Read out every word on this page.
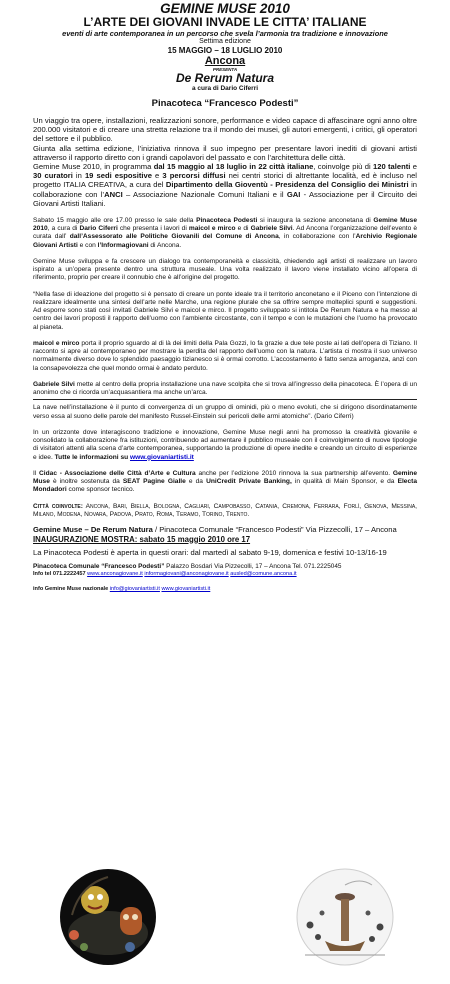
GEMINE MUSE 2010
L’ARTE DEI GIOVANI INVADE LE CITTA’ ITALIANE
eventi di arte contemporanea in un percorso che svela l’armonia tra tradizione e innovazione
Settima edizione
15 MAGGIO – 18 LUGLIO 2010
Ancona
PRESENTA
De Rerum Natura
a cura di Dario Ciferri
Pinacoteca “Francesco Podesti”

Un viaggio tra opere, installazioni, realizzazioni sonore, performance e video capace di affascinare ogni anno oltre 200.000 visitatori e di creare una stretta relazione tra il mondo dei musei, gli autori emergenti, i critici, gli operatori del settore e il pubblico.

Giunta alla settima edizione, l’iniziativa rinnova il suo impegno per presentare lavori inediti di giovani artisti attraverso il rapporto diretto con i grandi capolavori del passato e con l’architettura delle città.

Gemine Muse 2010, in programma dal 15 maggio al 18 luglio in 22 città italiane, coinvolge più di 120 talenti e 30 curatori in 19 sedi espositive e 3 percorsi diffusi nei centri storici di altrettante località, ed è incluso nel progetto ITALIA CREATIVA, a cura del Dipartimento della Gioventù - Presidenza del Consiglio dei Ministri in collaborazione con l’ANCI – Associazione Nazionale Comuni Italiani e il GAI - Associazione per il Circuito dei Giovani Artisti Italiani.

Sabato 15 maggio alle ore 17.00 presso le sale della Pinacoteca Podesti si inaugura la sezione anconetana di Gemine Muse 2010, a cura di Dario Ciferri che presenta i lavori di maicol e mirco e di Gabriele Silvi. Ad Ancona l’organizzazione dell’evento è curata dall’ dall’Assessorato alle Politiche Giovanili del Comune di Ancona, in collaborazione con l’Archivio Regionale Giovani Artisti e con l’Informagiovani di Ancona.

Gemine Muse sviluppa e fa crescere un dialogo tra contemporaneità e classicità, chiedendo agli artisti di realizzare un lavoro ispirato a un’opera presente dentro una struttura museale. Una volta realizzato il lavoro viene installato vicino all’opera di riferimento, proprio per creare il connubio che è all’origine del progetto.

“Nella fase di ideazione del progetto si è pensato di creare un ponte ideale tra il territorio anconetano e il Piceno con l’intenzione di realizzare idealmente una sintesi dell’arte nelle Marche, una regione plurale che sa offrire sempre molteplici spunti e suggestioni. Ad esporre sono stati così invitati Gabriele Silvi e maicol e mirco. Il progetto sviluppato si intitola De Rerum Natura e ha messo al centro dei lavori proposti il rapporto dell’uomo con l’ambiente circostante, con il tempo e con le mutazioni che l’uomo ha provocato al pianeta.

maicol e mirco porta il proprio sguardo al di là dei limiti della Pala Gozzi, lo fa grazie a due tele poste ai lati dell’opera di Tiziano. Il racconto si apre al contemporaneo per mostrare la perdita del rapporto dell’uomo con la natura. L’artista ci mostra il suo universo normalmente diverso dove lo splendido paesaggio tizianesco si è ormai corrotto. L’accostamento è fatto senza arroganza, anzi con la consapevolezza che quel mondo ormai è andato perduto.

Gabriele Silvi mette al centro della propria installazione una nave scolpita che si trova all’ingresso della pinacoteca. È l’opera di un anonimo che ci ricorda un’acquasantiera ma anche un’arca.

La nave nell’installazione è il punto di convergenza di un gruppo di ominidi, più o meno evoluti, che si dirigono disordinatamente verso essa al suono delle parole del manifesto Russel-Einstein sui pericoli delle armi atomiche”. (Dario Ciferri)

In un orizzonte dove interagiscono tradizione e innovazione, Gemine Muse negli anni ha promosso la creatività giovanile e consolidato la collaborazione fra istituzioni, contribuendo ad aumentare il pubblico museale con il coinvolgimento di nuove tipologie di visitatori attenti alla scena d’arte contemporanea, supportando la produzione di opere inedite e creando un circuito di esperienze e idee. Tutte le informazioni su www.giovaniartisti.it

Il Cidac - Associazione delle Città d’Arte e Cultura anche per l’edizione 2010 rinnova la sua partnership all’evento. Gemine Muse è inoltre sostenuta da SEAT Pagine Gialle e da UniCredit Private Banking, in qualità di Main Sponsor, e da Electa Mondadori come sponsor tecnico.

Città coinvolte: Ancona, Bari, Biella, Bologna, Cagliari, Campobasso, Catania, Cremona, Ferrara, Forlì, Genova, Messina, Milano, Modena, Novara, Padova, Prato, Roma, Teramo, Torino, Trento.

Gemine Muse – De Rerum Natura / Pinacoteca Comunale “Francesco Podesti” Via Pizzecolli, 17 – Ancona
INAUGURAZIONE MOSTRA: sabato 15 maggio 2010 ore 17
La Pinacoteca Podesti è aperta in questi orari: dal martedì al sabato 9-19, domenica e festivi 10-13/16-19
Pinacoteca Comunale “Francesco Podesti” Palazzo Bosdari Via Pizzecolli, 17 – Ancona Tel. 071.2225045
Info tel 071.2222457 www.anconagiovane.it informagiovani@anconagiovane.it ausled@comune.ancona.it
info Gemine Muse nazionale info@giovaniartisti.it www.giovaniartisti.it
